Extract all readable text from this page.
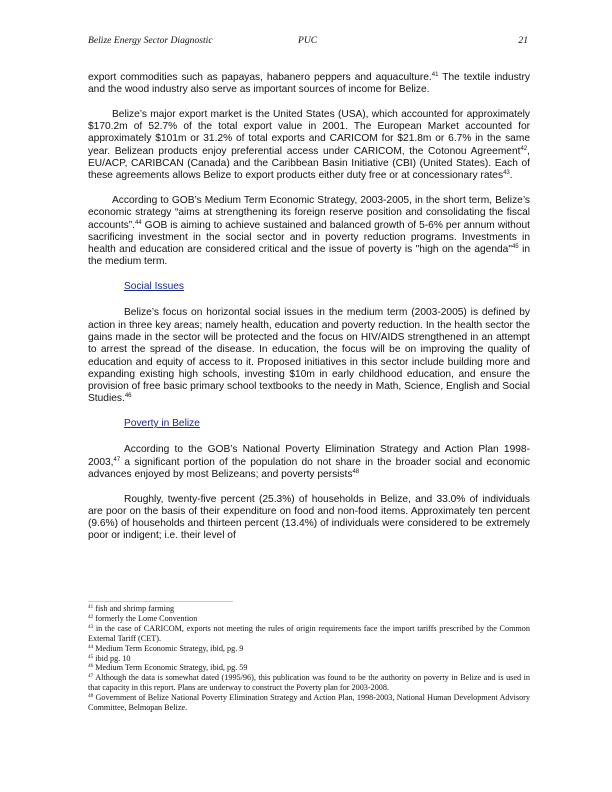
Belize Energy Sector Diagnostic	PUC	21

export commodities such as papayas, habanero peppers and aquaculture.$^{41}$ The textile industry and the wood industry also serve as important sources of income for Belize.

Belize’s major export market is the United States (USA), which accounted for approximately $170.2m of 52.7% of the total export value in 2001. The European Market accounted for approximately $101m or 31.2% of total exports and CARICOM for $21.8m or 6.7% in the same year. Belizean products enjoy preferential access under CARICOM, the Cotonou Agreement$^{42}$, EU/ACP, CARIBCAN (Canada) and the Caribbean Basin Initiative (CBI) (United States). Each of these agreements allows Belize to export products either duty free or at concessionary rates$^{43}$.

According to GOB’s Medium Term Economic Strategy, 2003-2005, in the short term, Belize’s economic strategy “aims at strengthening its foreign reserve position and consolidating the fiscal accounts”.$^{44}$ GOB is aiming to achieve sustained and balanced growth of 5-6% per annum without sacrificing investment in the social sector and in poverty reduction programs. Investments in health and education are considered critical and the issue of poverty is "high on the agenda"$^{45}$ in the medium term.

Social Issues

Belize’s focus on horizontal social issues in the medium term (2003-2005) is defined by action in three key areas; namely health, education and poverty reduction. In the health sector the gains made in the sector will be protected and the focus on HIV/AIDS strengthened in an attempt to arrest the spread of the disease. In education, the focus will be on improving the quality of education and equity of access to it. Proposed initiatives in this sector include building more and expanding existing high schools, investing $10m in early childhood education, and ensure the provision of free basic primary school textbooks to the needy in Math, Science, English and Social Studies.$^{46}$

Poverty in Belize

According to the GOB’s National Poverty Elimination Strategy and Action Plan 1998-2003,47 a significant portion of the population do not share in the broader social and economic advances enjoyed by most Belizeans; and poverty persists$^{48}$

Roughly, twenty-five percent (25.3%) of households in Belize, and 33.0% of individuals are poor on the basis of their expenditure on food and non-food items. Approximately ten percent (9.6%) of households and thirteen percent (13.4%) of individuals were considered to be extremely poor or indigent; i.e. their level of

$^{41}$ fish and shrimp farming
$^{42}$ formerly the Lome Convention
$^{43}$ in the case of CARICOM, exports not meeting the rules of origin requirements face the import tariffs prescribed by the Common External Tariff (CET).
$^{44}$ Medium Term Economic Strategy, ibid, pg. 9
$^{45}$ ibid pg. 10
$^{46}$ Medium Term Economic Strategy, ibid, pg. 59
$^{47}$ Although the data is somewhat dated (1995/96), this publication was found to be the authority on poverty in Belize and is used in that capacity in this report. Plans are underway to construct the Poverty plan for 2003-2008.
$^{48}$ Government of Belize National Poverty Elimination Strategy and Action Plan, 1998-2003, National Human Development Advisory Committee, Belmopan Belize.
